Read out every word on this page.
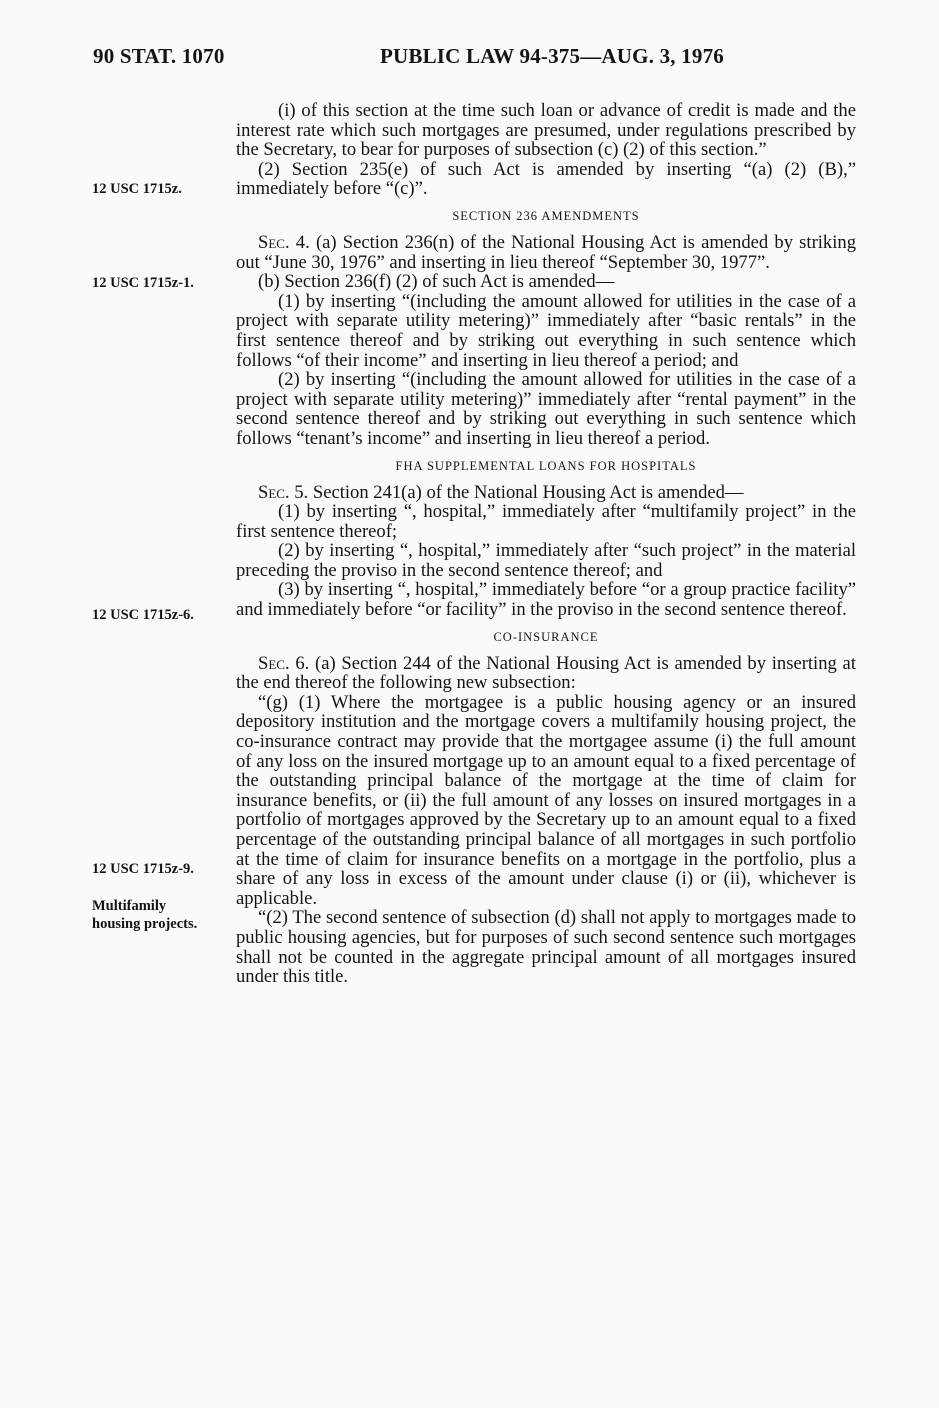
90 STAT. 1070	PUBLIC LAW 94-375—AUG. 3, 1976
12 USC 1715z.
12 USC 1715z-1.
12 USC 1715z-6.
12 USC 1715z-9.
Multifamily
housing projects.

(i) of this section at the time such loan or advance of credit is made and the interest rate which such mortgages are presumed, under regulations prescribed by the Secretary, to bear for purposes of subsection (c) (2) of this section.”

(2) Section 235(e) of such Act is amended by inserting “(a) (2) (B),” immediately before “(c)”.

SECTION 236 AMENDMENTS

Sec. 4. (a) Section 236(n) of the National Housing Act is amended by striking out “June 30, 1976” and inserting in lieu thereof “September 30, 1977”.

(b) Section 236(f) (2) of such Act is amended—

(1) by inserting “(including the amount allowed for utilities in the case of a project with separate utility metering)” immediately after “basic rentals” in the first sentence thereof and by striking out everything in such sentence which follows “of their income” and inserting in lieu thereof a period; and

(2) by inserting “(including the amount allowed for utilities in the case of a project with separate utility metering)” immediately after “rental payment” in the second sentence thereof and by striking out everything in such sentence which follows “tenant’s income” and inserting in lieu thereof a period.

FHA SUPPLEMENTAL LOANS FOR HOSPITALS

Sec. 5. Section 241(a) of the National Housing Act is amended—

(1) by inserting “, hospital,” immediately after “multifamily project” in the first sentence thereof;

(2) by inserting “, hospital,” immediately after “such project” in the material preceding the proviso in the second sentence thereof; and

(3) by inserting “, hospital,” immediately before “or a group practice facility” and immediately before “or facility” in the proviso in the second sentence thereof.

CO-INSURANCE

Sec. 6. (a) Section 244 of the National Housing Act is amended by inserting at the end thereof the following new subsection:

“(g) (1) Where the mortgagee is a public housing agency or an insured depository institution and the mortgage covers a multifamily housing project, the co-insurance contract may provide that the mortgagee assume (i) the full amount of any loss on the insured mortgage up to an amount equal to a fixed percentage of the outstanding principal balance of the mortgage at the time of claim for insurance benefits, or (ii) the full amount of any losses on insured mortgages in a portfolio of mortgages approved by the Secretary up to an amount equal to a fixed percentage of the outstanding principal balance of all mortgages in such portfolio at the time of claim for insurance benefits on a mortgage in the portfolio, plus a share of any loss in excess of the amount under clause (i) or (ii), whichever is applicable.

“(2) The second sentence of subsection (d) shall not apply to mortgages made to public housing agencies, but for purposes of such second sentence such mortgages shall not be counted in the aggregate principal amount of all mortgages insured under this title.
